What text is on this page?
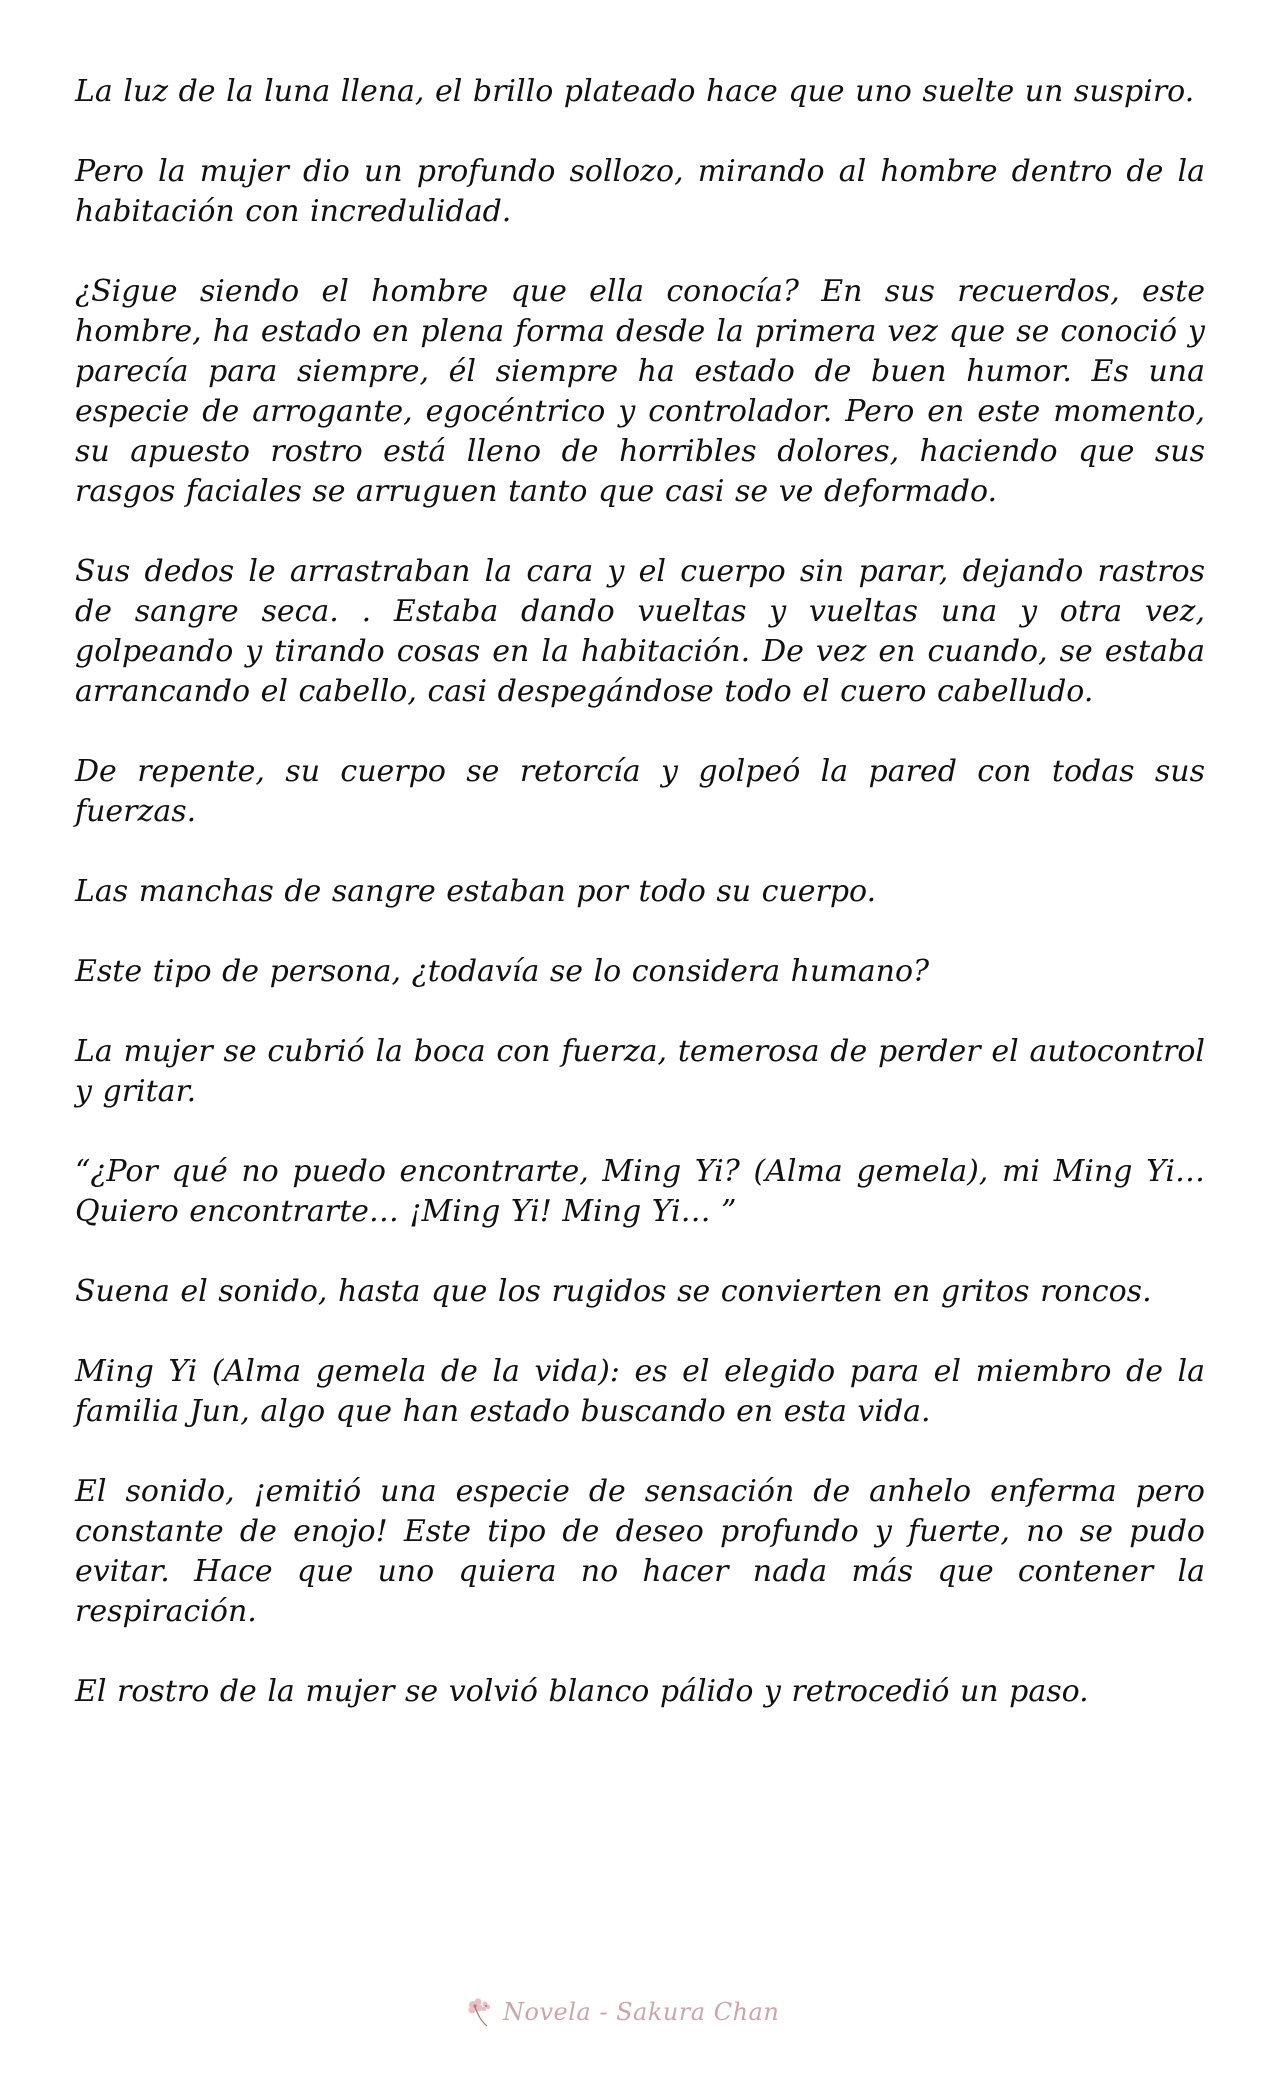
La luz de la luna llena, el brillo plateado hace que uno suelte un suspiro.

Pero la mujer dio un profundo sollozo, mirando al hombre dentro de la habitación con incredulidad.

¿Sigue siendo el hombre que ella conocía? En sus recuerdos, este hombre, ha estado en plena forma desde la primera vez que se conoció y parecía para siempre, él siempre ha estado de buen humor. Es una especie de arrogante, egocéntrico y controlador. Pero en este momento, su apuesto rostro está lleno de horribles dolores, haciendo que sus rasgos faciales se arruguen tanto que casi se ve deformado.

Sus dedos le arrastraban la cara y el cuerpo sin parar, dejando rastros de sangre seca. . Estaba dando vueltas y vueltas una y otra vez, golpeando y tirando cosas en la habitación. De vez en cuando, se estaba arrancando el cabello, casi despegándose todo el cuero cabelludo.

De repente, su cuerpo se retorcía y golpeó la pared con todas sus fuerzas.

Las manchas de sangre estaban por todo su cuerpo.

Este tipo de persona, ¿todavía se lo considera humano?

La mujer se cubrió la boca con fuerza, temerosa de perder el autocontrol y gritar.

“¿Por qué no puedo encontrarte, Ming Yi? (Alma gemela), mi Ming Yi… Quiero encontrarte… ¡Ming Yi! Ming Yi… ”

Suena el sonido, hasta que los rugidos se convierten en gritos roncos.

Ming Yi (Alma gemela de la vida): es el elegido para el miembro de la familia Jun, algo que han estado buscando en esta vida.

El sonido, ¡emitió una especie de sensación de anhelo enferma pero constante de enojo! Este tipo de deseo profundo y fuerte, no se pudo evitar. Hace que uno quiera no hacer nada más que contener la respiración.

El rostro de la mujer se volvió blanco pálido y retrocedió un paso.

Novela - Sakura Chan
